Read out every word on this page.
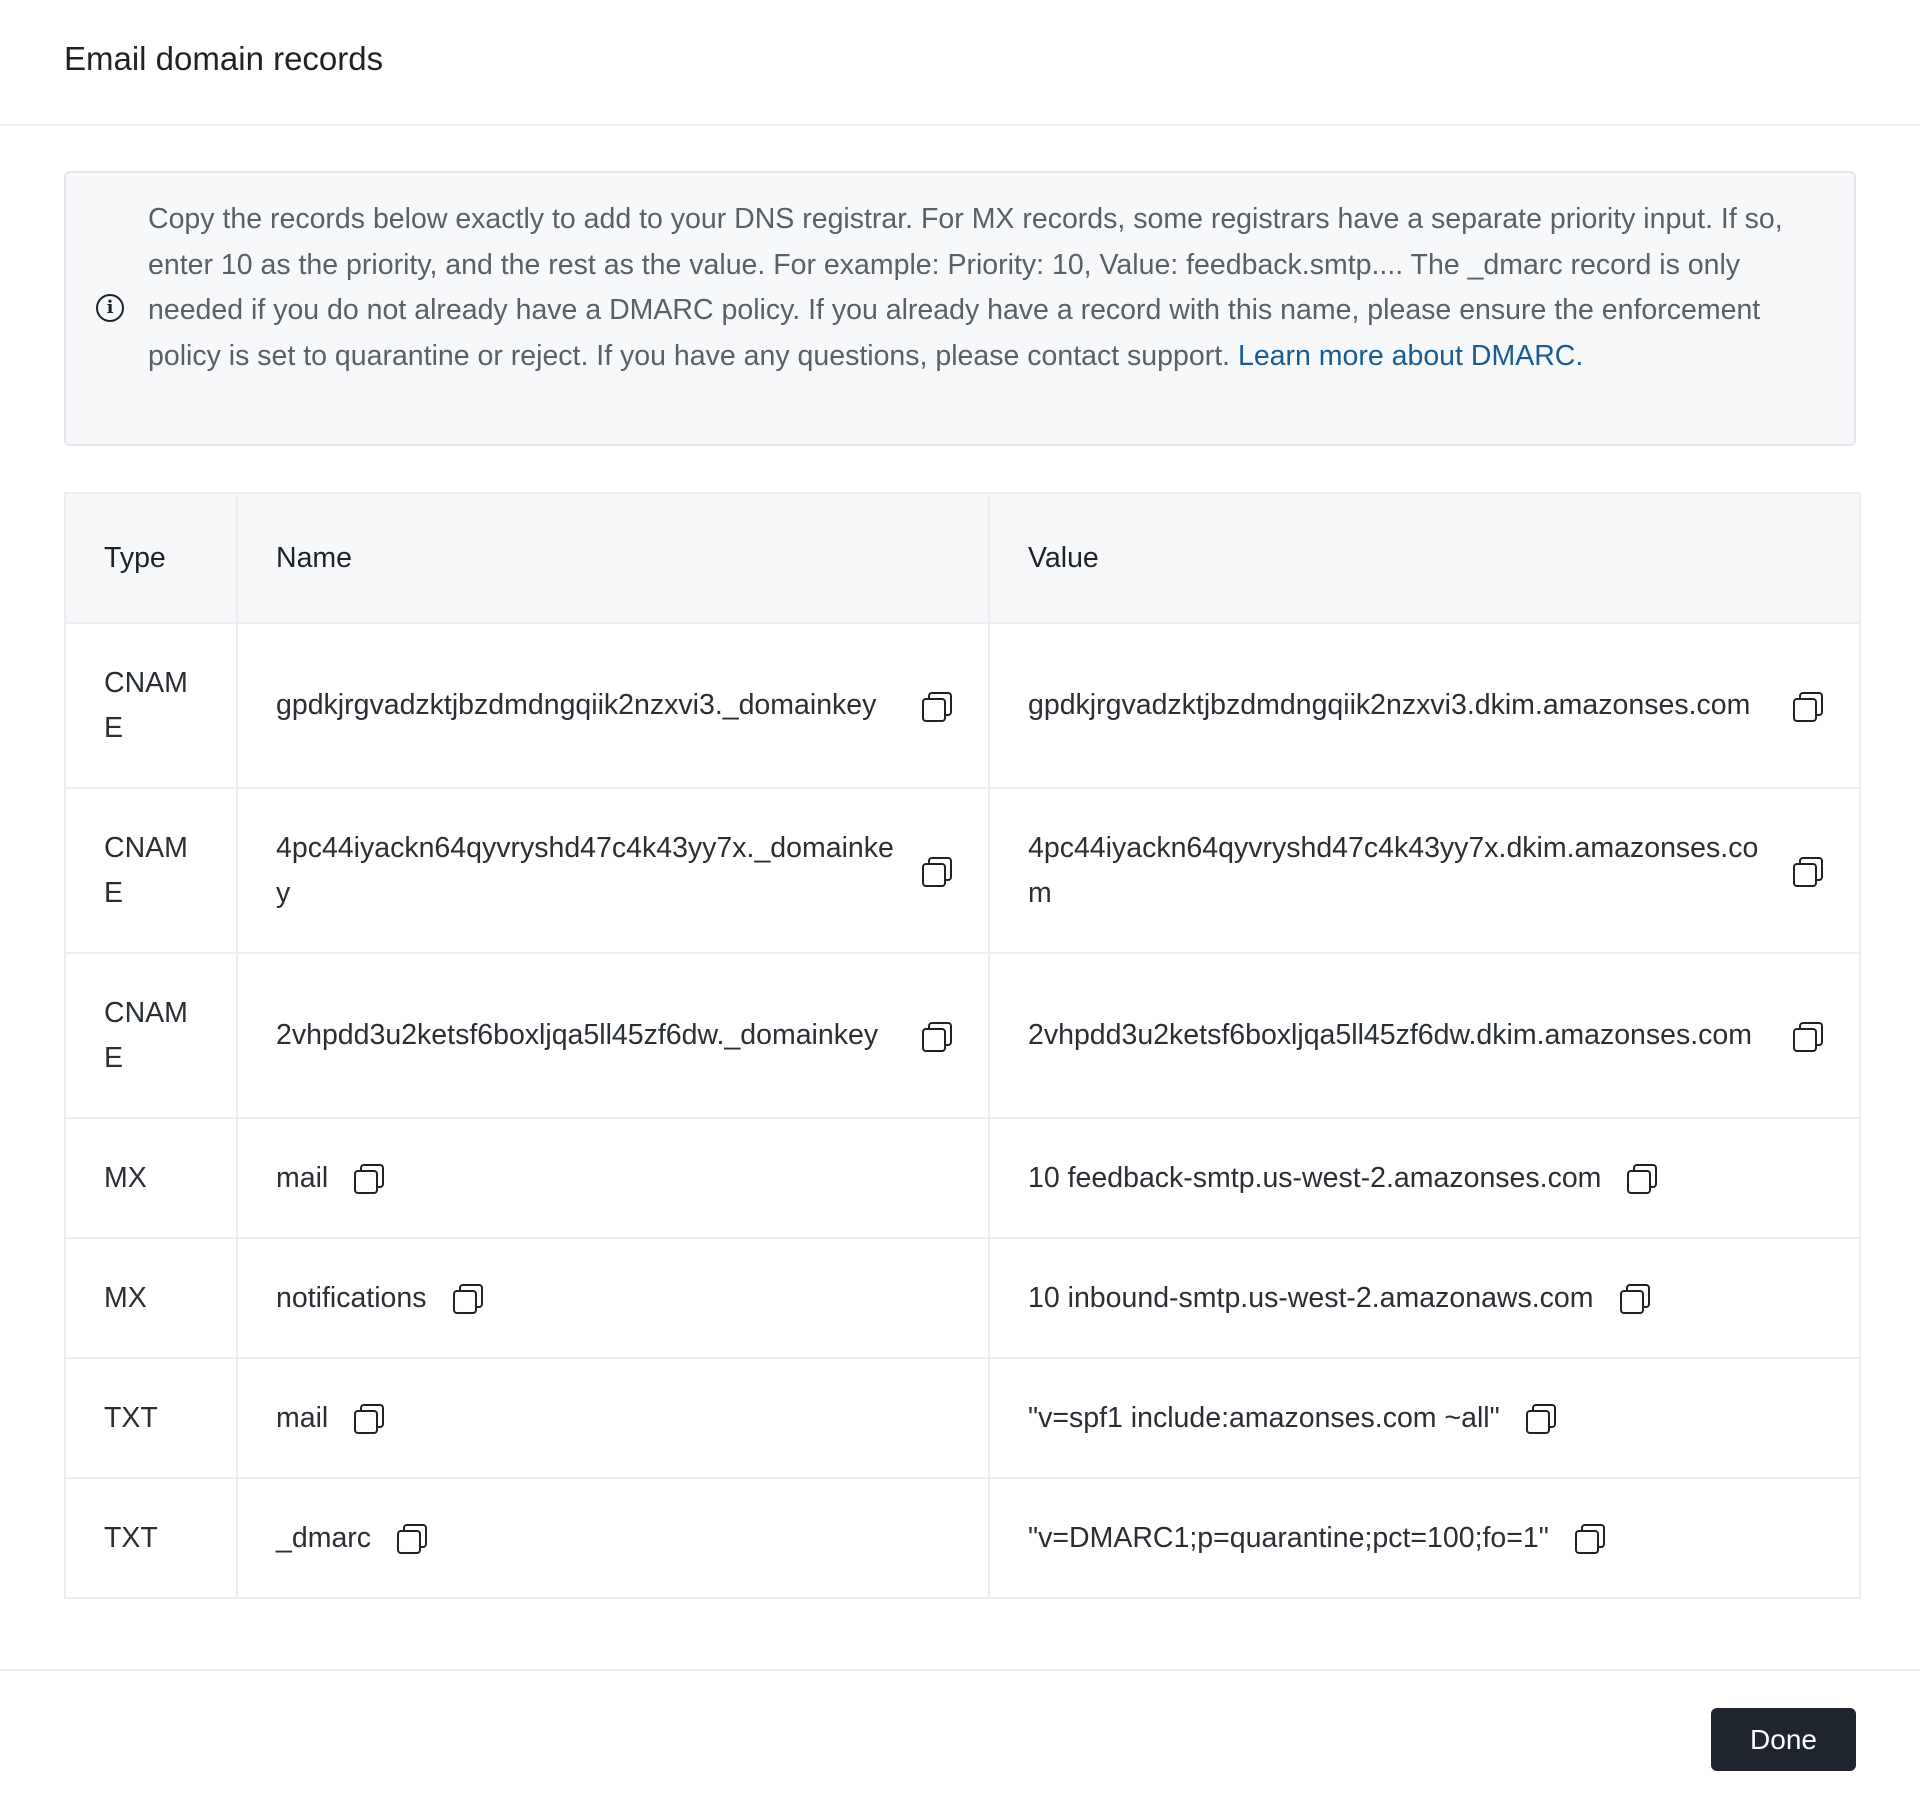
Email domain records
Copy the records below exactly to add to your DNS registrar. For MX records, some registrars have a separate priority input. If so, enter 10 as the priority, and the rest as the value. For example: Priority: 10, Value: feedback.smtp.... The _dmarc record is only needed if you do not already have a DMARC policy. If you already have a record with this name, please ensure the enforcement policy is set to quarantine or reject. If you have any questions, please contact support. Learn more about DMARC.
i
Type	Name	Value

CNAME	gpdkjrgvadzktjbzdmdngqiik2nzxvi3._domainkey	gpdkjrgvadzktjbzdmdngqiik2nzxvi3.dkim.amazonses.com

CNAME	4pc44iyackn64qyvryshd47c4k43yy7x._domainkey	4pc44iyackn64qyvryshd47c4k43yy7x.dkim.amazonses.com

CNAME	2vhpdd3u2ketsf6boxljqa5ll45zf6dw._domainkey	2vhpdd3u2ketsf6boxljqa5ll45zf6dw.dkim.amazonses.com

MX	mail	10 feedback-smtp.us-west-2.amazonses.com

MX	notifications	10 inbound-smtp.us-west-2.amazonaws.com

TXT	mail	"v=spf1 include:amazonses.com ~all"

TXT	_dmarc	"v=DMARC1;p=quarantine;pct=100;fo=1"
Done
